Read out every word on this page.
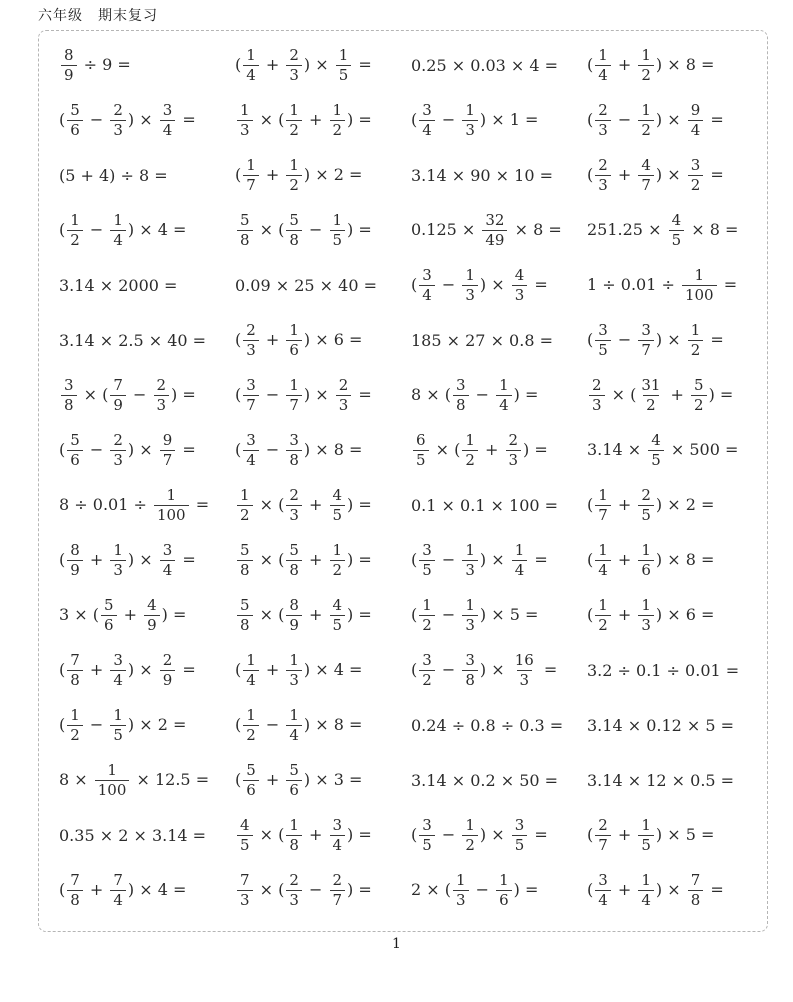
六年级　期末复习
$\frac{8}{9} \div 9$ =	( $\frac{1}{4} + \frac{2}{3}$ ) × $\frac{1}{5}$ =	0.25 × 0.03 × 4 =	( $\frac{1}{4} + \frac{1}{2}$ ) × 8 =
( $\frac{5}{6} - \frac{2}{3}$ ) × $\frac{3}{4}$ =	$\frac{1}{3}$ × ( $\frac{1}{2} + \frac{1}{2}$ ) =	( $\frac{3}{4} - \frac{1}{3}$ ) × 1 =	( $\frac{2}{3} - \frac{1}{2}$ ) × $\frac{9}{4}$ =
(5 + 4) ÷ 8 =	( $\frac{1}{7} + \frac{1}{2}$ ) × 2 =	3.14 × 90 × 10 =	( $\frac{2}{3} + \frac{4}{7}$ ) × $\frac{3}{2}$ =
( $\frac{1}{2} - \frac{1}{4}$ ) × 4 =	$\frac{5}{8}$ × ( $\frac{5}{8} - \frac{1}{5}$ ) =	$0.125 \times \frac{32}{49} \times 8$ =	$251.25 \times \frac{4}{5} \times 8$ =
3.14 × 2000 =	0.09 × 25 × 40 =	( $\frac{3}{4} - \frac{1}{3}$ ) × $\frac{4}{3}$ =	$1 \div 0.01 \div \frac{1}{100}$ =
3.14 × 2.5 × 40 =	( $\frac{2}{3} + \frac{1}{6}$ ) × 6 =	185 × 27 × 0.8 =	( $\frac{3}{5} - \frac{3}{7}$ ) × $\frac{1}{2}$ =
$\frac{3}{8}$ × ( $\frac{7}{9} - \frac{2}{3}$ ) =	( $\frac{3}{7} - \frac{1}{7}$ ) × $\frac{2}{3}$ =	8 × ( $\frac{3}{8} - \frac{1}{4}$ ) =	$\frac{2}{3}$ × ( $\frac{31}{2} + \frac{5}{2}$ ) =
( $\frac{5}{6} - \frac{2}{3}$ ) × $\frac{9}{7}$ =	( $\frac{3}{4} - \frac{3}{8}$ ) × 8 =	$\frac{6}{5}$ × ( $\frac{1}{2} + \frac{2}{3}$ ) =	$3.14 \times \frac{4}{5} \times 500$ =
$8 \div 0.01 \div \frac{1}{100}$ =	$\frac{1}{2}$ × ( $\frac{2}{3} + \frac{4}{5}$ ) =	0.1 × 0.1 × 100 =	( $\frac{1}{7} + \frac{2}{5}$ ) × 2 =
( $\frac{8}{9} + \frac{1}{3}$ ) × $\frac{3}{4}$ =	$\frac{5}{8}$ × ( $\frac{5}{8} + \frac{1}{2}$ ) =	( $\frac{3}{5} - \frac{1}{3}$ ) × $\frac{1}{4}$ =	( $\frac{1}{4} + \frac{1}{6}$ ) × 8 =
3 × ( $\frac{5}{6} + \frac{4}{9}$ ) =	$\frac{5}{8}$ × ( $\frac{8}{9} + \frac{4}{5}$ ) =	( $\frac{1}{2} - \frac{1}{3}$ ) × 5 =	( $\frac{1}{2} + \frac{1}{3}$ ) × 6 =
( $\frac{7}{8} + \frac{3}{4}$ ) × $\frac{2}{9}$ =	( $\frac{1}{4} + \frac{1}{3}$ ) × 4 =	( $\frac{3}{2} - \frac{3}{8}$ ) × $\frac{16}{3}$ =	3.2 ÷ 0.1 ÷ 0.01 =
( $\frac{1}{2} - \frac{1}{5}$ ) × 2 =	( $\frac{1}{2} - \frac{1}{4}$ ) × 8 =	0.24 ÷ 0.8 ÷ 0.3 =	3.14 × 0.12 × 5 =
$8 \times \frac{1}{100} \times 12.5$ =	( $\frac{5}{6} + \frac{5}{6}$ ) × 3 =	3.14 × 0.2 × 50 =	3.14 × 12 × 0.5 =
0.35 × 2 × 3.14 =	$\frac{4}{5}$ × ( $\frac{1}{8} + \frac{3}{4}$ ) =	( $\frac{3}{5} - \frac{1}{2}$ ) × $\frac{3}{5}$ =	( $\frac{2}{7} + \frac{1}{5}$ ) × 5 =
( $\frac{7}{8} + \frac{7}{4}$ ) × 4 =	$\frac{7}{3}$ × ( $\frac{2}{3} - \frac{2}{7}$ ) =	2 × ( $\frac{1}{3} - \frac{1}{6}$ ) =	( $\frac{3}{4} + \frac{1}{4}$ ) × $\frac{7}{8}$ =
1
